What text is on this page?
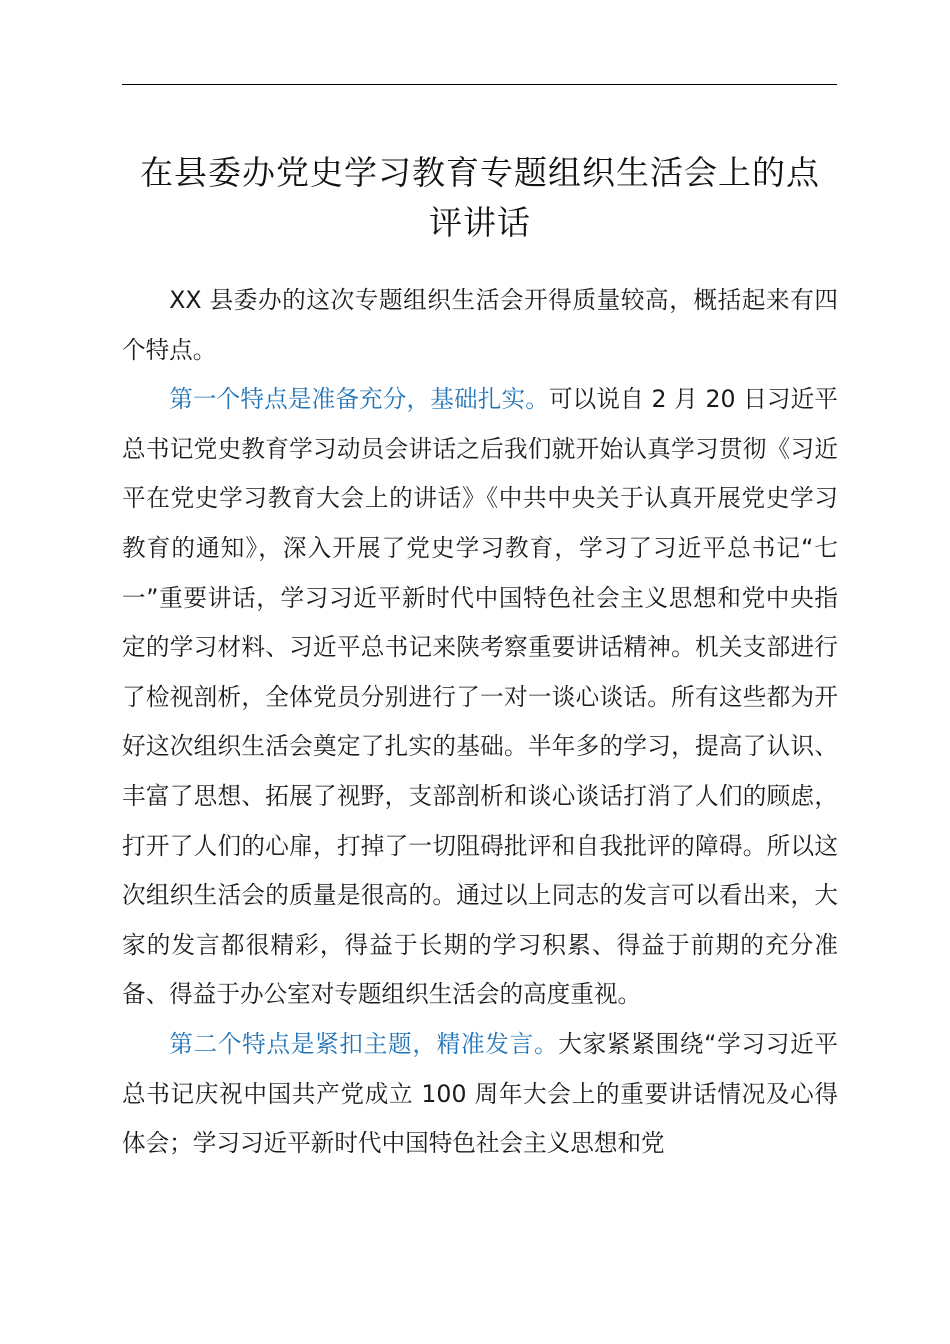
在县委办党史学习教育专题组织生活会上的点
评讲话

XX 县委办的这次专题组织生活会开得质量较高，概括起来有四个特点。

第一个特点是准备充分，基础扎实。可以说自 2 月 20 日习近平总书记党史教育学习动员会讲话之后我们就开始认真学习贯彻《习近平在党史学习教育大会上的讲话》《中共中央关于认真开展党史学习教育的通知》，深入开展了党史学习教育，学习了习近平总书记“七一”重要讲话，学习习近平新时代中国特色社会主义思想和党中央指定的学习材料、习近平总书记来陕考察重要讲话精神。机关支部进行了检视剖析，全体党员分别进行了一对一谈心谈话。所有这些都为开好这次组织生活会奠定了扎实的基础。半年多的学习，提高了认识、丰富了思想、拓展了视野，支部剖析和谈心谈话打消了人们的顾虑，打开了人们的心扉，打掉了一切阻碍批评和自我批评的障碍。所以这次组织生活会的质量是很高的。通过以上同志的发言可以看出来，大家的发言都很精彩，得益于长期的学习积累、得益于前期的充分准备、得益于办公室对专题组织生活会的高度重视。

第二个特点是紧扣主题，精准发言。大家紧紧围绕“学习习近平总书记庆祝中国共产党成立 100 周年大会上的重要讲话情况及心得体会；学习习近平新时代中国特色社会主义思想和党
